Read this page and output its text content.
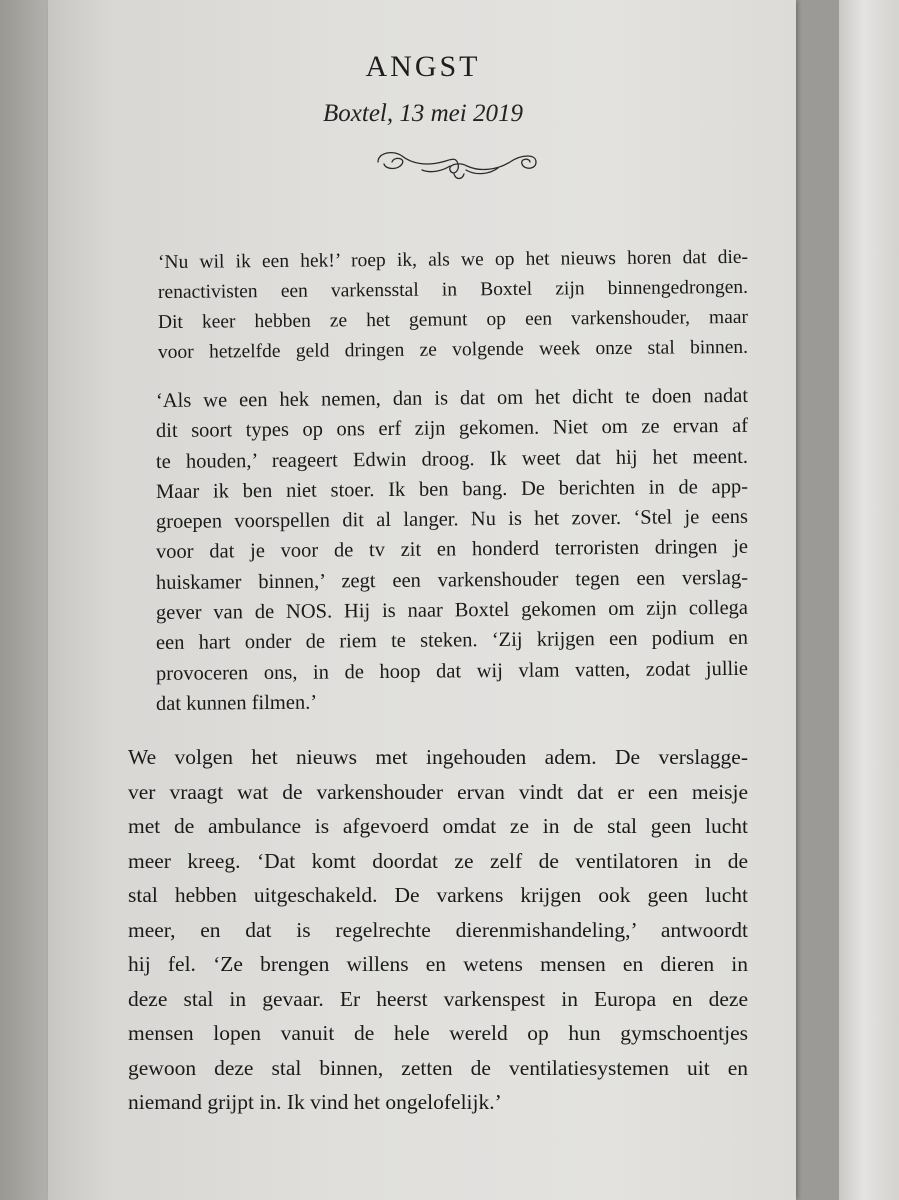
ANGST
Boxtel, 13 mei 2019
‘Nu wil ik een hek!’ roep ik, als we op het nieuws horen dat die-
renactivisten een varkensstal in Boxtel zijn binnengedrongen.
Dit keer hebben ze het gemunt op een varkenshouder, maar
voor hetzelfde geld dringen ze volgende week onze stal binnen.
‘Als we een hek nemen, dan is dat om het dicht te doen nadat
dit soort types op ons erf zijn gekomen. Niet om ze ervan af
te houden,’ reageert Edwin droog. Ik weet dat hij het meent.
Maar ik ben niet stoer. Ik ben bang. De berichten in de app-
groepen voorspellen dit al langer. Nu is het zover. ‘Stel je eens
voor dat je voor de tv zit en honderd terroristen dringen je
huiskamer binnen,’ zegt een varkenshouder tegen een verslag-
gever van de NOS. Hij is naar Boxtel gekomen om zijn collega
een hart onder de riem te steken. ‘Zij krijgen een podium en
provoceren ons, in de hoop dat wij vlam vatten, zodat jullie
dat kunnen filmen.’
We volgen het nieuws met ingehouden adem. De verslagge-
ver vraagt wat de varkenshouder ervan vindt dat er een meisje
met de ambulance is afgevoerd omdat ze in de stal geen lucht
meer kreeg. ‘Dat komt doordat ze zelf de ventilatoren in de
stal hebben uitgeschakeld. De varkens krijgen ook geen lucht
meer, en dat is regelrechte dierenmishandeling,’ antwoordt
hij fel. ‘Ze brengen willens en wetens mensen en dieren in
deze stal in gevaar. Er heerst varkenspest in Europa en deze
mensen lopen vanuit de hele wereld op hun gymschoentjes
gewoon deze stal binnen, zetten de ventilatiesystemen uit en
niemand grijpt in. Ik vind het ongelofelijk.’
